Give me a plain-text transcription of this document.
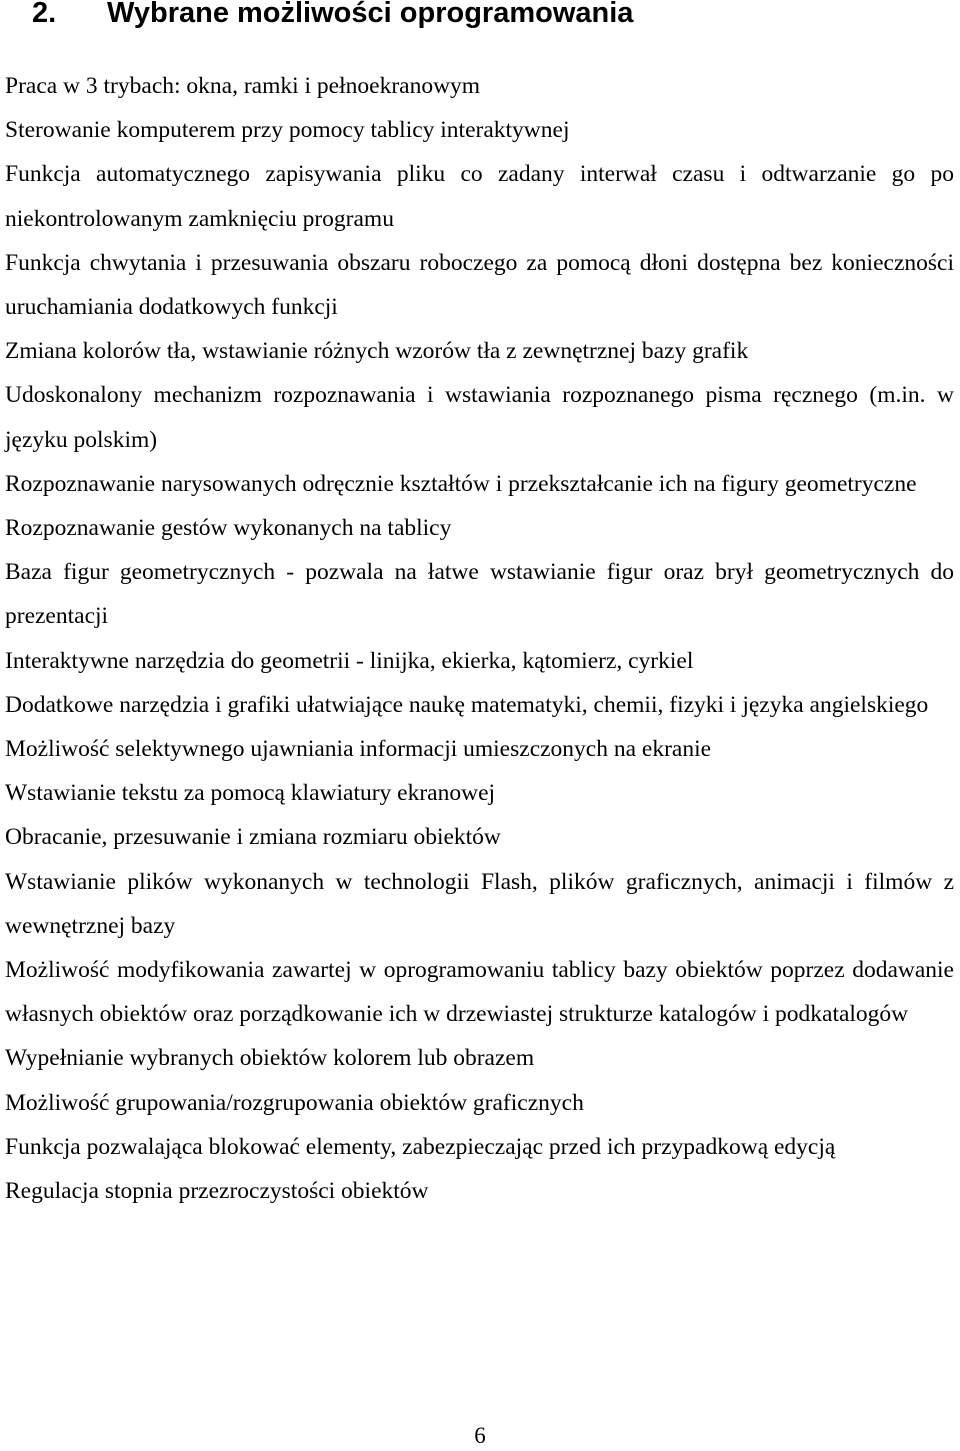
2. Wybrane możliwości oprogramowania
Praca w 3 trybach: okna, ramki i pełnoekranowym
Sterowanie komputerem przy pomocy tablicy interaktywnej
Funkcja automatycznego zapisywania pliku co zadany interwał czasu i odtwarzanie go po niekontrolowanym zamknięciu programu
Funkcja chwytania i przesuwania obszaru roboczego za pomocą dłoni dostępna bez konieczności uruchamiania dodatkowych funkcji
Zmiana kolorów tła, wstawianie różnych wzorów tła z zewnętrznej bazy grafik
Udoskonalony mechanizm rozpoznawania i wstawiania rozpoznanego pisma ręcznego (m.in. w języku polskim)
Rozpoznawanie narysowanych odręcznie kształtów i przekształcanie ich na figury geometryczne
Rozpoznawanie gestów wykonanych na tablicy
Baza figur geometrycznych - pozwala na łatwe wstawianie figur oraz brył geometrycznych do prezentacji
Interaktywne narzędzia do geometrii - linijka, ekierka, kątomierz, cyrkiel
Dodatkowe narzędzia i grafiki ułatwiające naukę matematyki, chemii, fizyki i języka angielskiego
Możliwość selektywnego ujawniania informacji umieszczonych na ekranie
Wstawianie tekstu za pomocą klawiatury ekranowej
Obracanie, przesuwanie i zmiana rozmiaru obiektów
Wstawianie plików wykonanych w technologii Flash, plików graficznych, animacji i filmów z wewnętrznej bazy
Możliwość modyfikowania zawartej w oprogramowaniu tablicy bazy obiektów poprzez dodawanie własnych obiektów oraz porządkowanie ich w drzewiastej strukturze katalogów i podkatalogów
Wypełnianie wybranych obiektów kolorem lub obrazem
Możliwość grupowania/rozgrupowania obiektów graficznych
Funkcja pozwalająca blokować elementy, zabezpieczając przed ich przypadkową edycją
Regulacja stopnia przezroczystości obiektów
6
